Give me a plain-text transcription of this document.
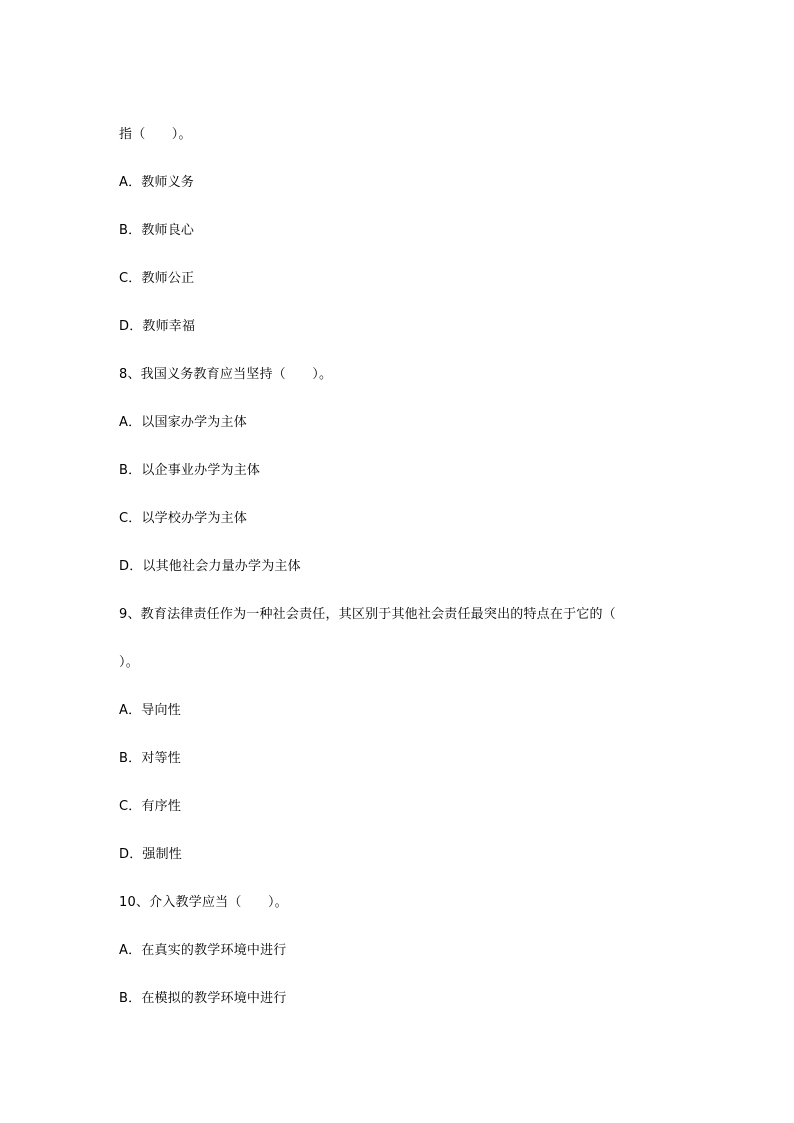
指（　　）。
A．教师义务
B．教师良心
C．教师公正
D．教师幸福
8、我国义务教育应当坚持（　　）。
A．以国家办学为主体
B．以企事业办学为主体
C．以学校办学为主体
D．以其他社会力量办学为主体
9、教育法律责任作为一种社会责任，其区别于其他社会责任最突出的特点在于它的（
）。
A．导向性
B．对等性
C．有序性
D．强制性
10、介入教学应当（　　）。
A．在真实的教学环境中进行
B．在模拟的教学环境中进行
